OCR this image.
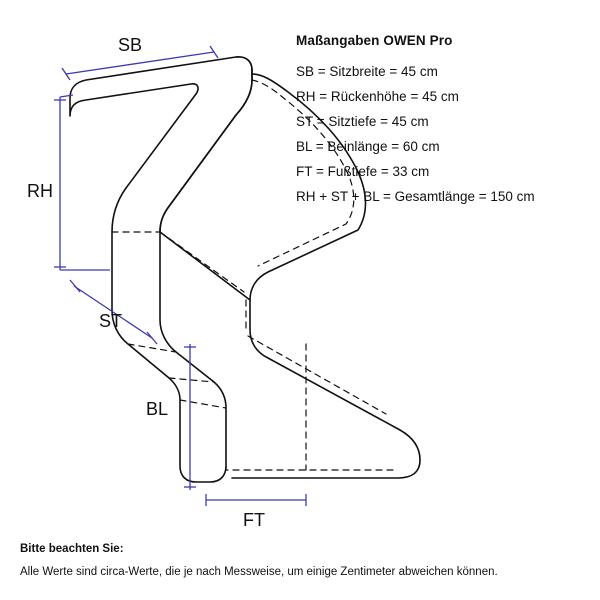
SB
RH
ST
BL
FT
Maßangaben OWEN Pro
SB = Sitzbreite = 45 cm
RH = Rückenhöhe = 45 cm
ST = Sitztiefe = 45 cm
BL = Beinlänge = 60 cm
FT = Fußtiefe = 33 cm
RH + ST + BL = Gesamtlänge = 150 cm
Bitte beachten Sie:
Alle Werte sind circa-Werte, die je nach Messweise, um einige Zentimeter abweichen können.
